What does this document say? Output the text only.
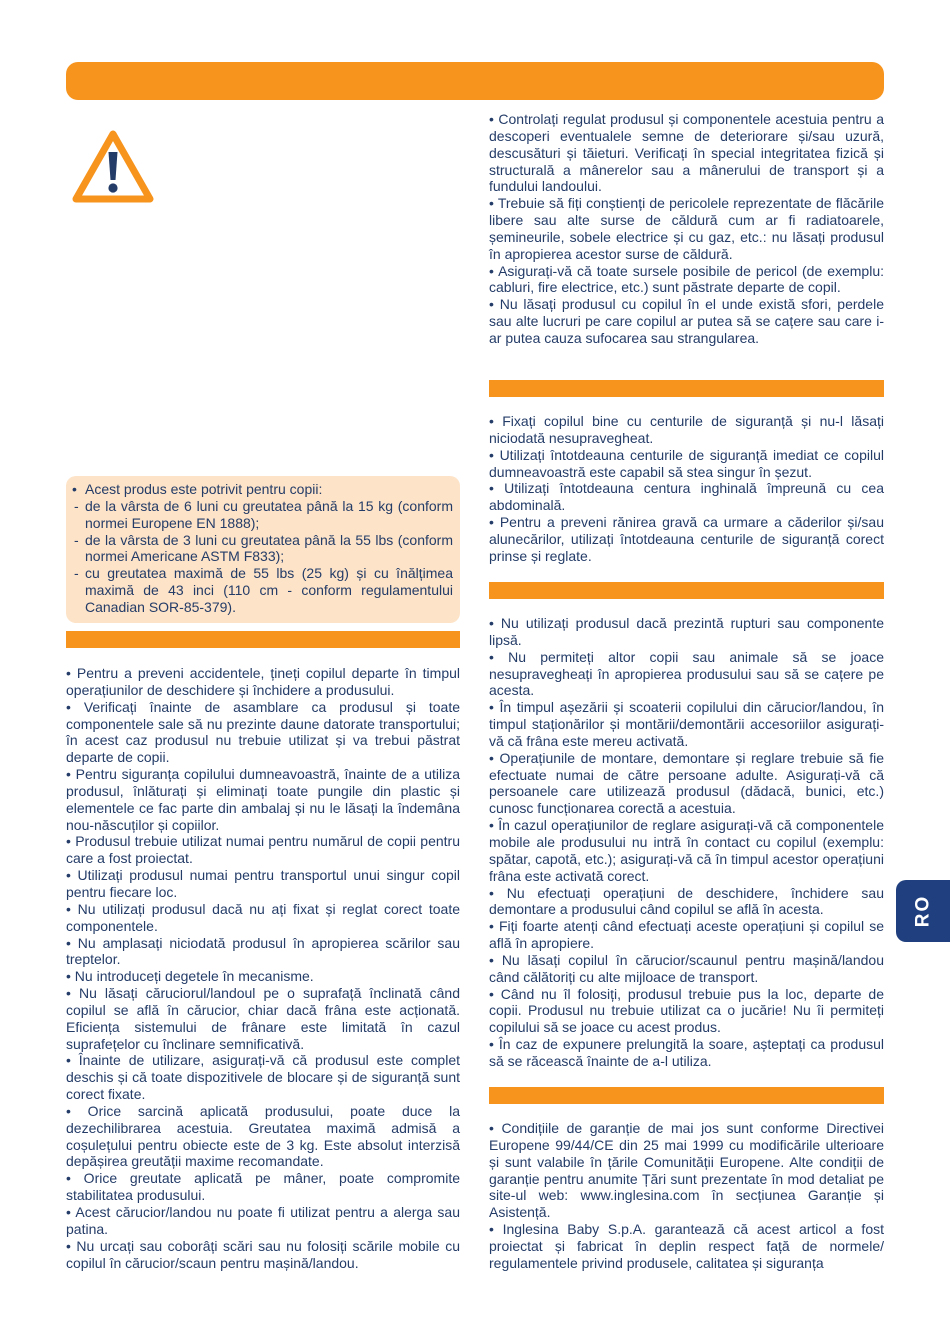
• Acest produs este potrivit pentru copii:
- de la vârsta de 6 luni cu greutatea până la 15 kg (conform normei Europene EN 1888);
- de la vârsta de 3 luni cu greutatea până la 55 lbs (conform normei Americane ASTM F833);
- cu greutatea maximă de 55 lbs (25 kg) și cu înălțimea maximă de 43 inci (110 cm - conform regulamentului Canadian SOR-85-379).

• Pentru a preveni accidentele, țineți copilul departe în timpul operațiunilor de deschidere și închidere a produsului.

• Verificați înainte de asamblare ca produsul și toate componentele sale să nu prezinte daune datorate transportului; în acest caz produsul nu trebuie utilizat și va trebui păstrat departe de copii.

• Pentru siguranța copilului dumneavoastră, înainte de a utiliza produsul, înlăturați și eliminați toate pungile din plastic și elementele ce fac parte din ambalaj și nu le lăsați la îndemâna nou-născuților și copiilor.

• Produsul trebuie utilizat numai pentru numărul de copii pentru care a fost proiectat.

• Utilizați produsul numai pentru transportul unui singur copil pentru fiecare loc.

• Nu utilizați produsul dacă nu ați fixat și reglat corect toate componentele.

• Nu amplasați niciodată produsul în apropierea scărilor sau treptelor.

• Nu introduceți degetele în mecanisme.

• Nu lăsați căruciorul/landoul pe o suprafață înclinată când copilul se află în cărucior, chiar dacă frâna este acționată. Eficiența sistemului de frânare este limitată în cazul suprafețelor cu înclinare semnificativă.

• Înainte de utilizare, asigurați-vă că produsul este complet deschis și că toate dispozitivele de blocare și de siguranță sunt corect fixate.

• Orice sarcină aplicată produsului, poate duce la dezechilibrarea acestuia. Greutatea maximă admisă a coșulețului pentru obiecte este de 3 kg. Este absolut interzisă depășirea greutății maxime recomandate.

• Orice greutate aplicată pe mâner, poate compromite stabilitatea produsului.

• Acest cărucior/landou nu poate fi utilizat pentru a alerga sau patina.

• Nu urcați sau coborâți scări sau nu folosiți scările mobile cu copilul în cărucior/scaun pentru mașină/landou.

• Controlați regulat produsul și componentele acestuia pentru a descoperi eventualele semne de deteriorare și/sau uzură, descusături și tăieturi. Verificați în special integritatea fizică și structurală a mânerelor sau a mânerului de transport și a fundului landoului.

• Trebuie să fiți conștienți de pericolele reprezentate de flăcările libere sau alte surse de căldură cum ar fi radiatoarele, șemineurile, sobele electrice și cu gaz, etc.: nu lăsați produsul în apropierea acestor surse de căldură.

• Asigurați-vă că toate sursele posibile de pericol (de exemplu: cabluri, fire electrice, etc.) sunt păstrate departe de copil.

• Nu lăsați produsul cu copilul în el unde există sfori, perdele sau alte lucruri pe care copilul ar putea să se cațere sau care i-ar putea cauza sufocarea sau strangularea.

• Fixați copilul bine cu centurile de siguranță și nu-l lăsați niciodată nesupravegheat.

• Utilizați întotdeauna centurile de siguranță imediat ce copilul dumneavoastră este capabil să stea singur în șezut.

• Utilizați întotdeauna centura inghinală împreună cu cea abdominală.

• Pentru a preveni rănirea gravă ca urmare a căderilor și/sau alunecărilor, utilizați întotdeauna centurile de siguranță corect prinse și reglate.

• Nu utilizați produsul dacă prezintă rupturi sau componente lipsă.

• Nu permiteți altor copii sau animale să se joace nesupravegheați în apropierea produsului sau să se cațere pe acesta.

• În timpul așezării și scoaterii copilului din cărucior/landou, în timpul staționărilor și montării/demontării accesoriilor asigurați-vă că frâna este mereu activată.

• Operațiunile de montare, demontare și reglare trebuie să fie efectuate numai de către persoane adulte. Asigurați-vă că persoanele care utilizează produsul (dădacă, bunici, etc.) cunosc funcționarea corectă a acestuia.

• În cazul operațiunilor de reglare asigurați-vă că componentele mobile ale produsului nu intră în contact cu copilul (exemplu: spătar, capotă, etc.); asigurați-vă că în timpul acestor operațiuni frâna este activată corect.

• Nu efectuați operațiuni de deschidere, închidere sau demontare a produsului când copilul se află în acesta.

• Fiți foarte atenți când efectuați aceste operațiuni și copilul se află în apropiere.

• Nu lăsați copilul în cărucior/scaunul pentru mașină/landou când călătoriți cu alte mijloace de transport.

• Când nu îl folosiți, produsul trebuie pus la loc, departe de copii. Produsul nu trebuie utilizat ca o jucărie! Nu îi permiteți copilului să se joace cu acest produs.

• În caz de expunere prelungită la soare, așteptați ca produsul să se răcească înainte de a-l utiliza.

• Condițiile de garanție de mai jos sunt conforme Directivei Europene 99/44/CE din 25 mai 1999 cu modificările ulterioare și sunt valabile în țările Comunității Europene. Alte condiții de garanție pentru anumite Țări sunt prezentate în mod detaliat pe site-ul web: www.inglesina.com în secțiunea Garanție și Asistență.

• Inglesina Baby S.p.A. garantează că acest articol a fost proiectat și fabricat în deplin respect față de normele/ regulamentele privind produsele, calitatea și siguranța

RO
